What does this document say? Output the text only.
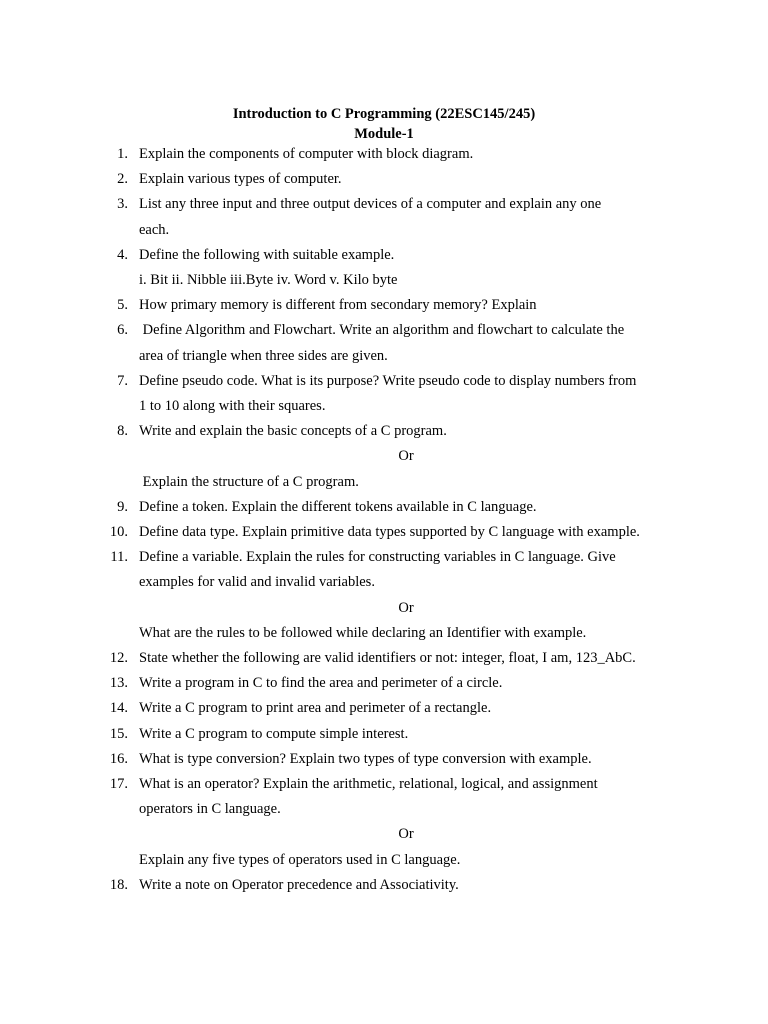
Introduction to C Programming (22ESC145/245)
Module-1
1. Explain the components of computer with block diagram.
2. Explain various types of computer.
3. List any three input and three output devices of a computer and explain any one
each.
4. Define the following with suitable example.
i. Bit ii. Nibble iii.Byte iv. Word v. Kilo byte
5. How primary memory is different from secondary memory? Explain
6. Define Algorithm and Flowchart. Write an algorithm and flowchart to calculate the
area of triangle when three sides are given.
7. Define pseudo code. What is its purpose? Write pseudo code to display numbers from
1 to 10 along with their squares.
8. Write and explain the basic concepts of a C program.
Or
Explain the structure of a C program.
9. Define a token. Explain the different tokens available in C language.
10. Define data type. Explain primitive data types supported by C language with example.
11. Define a variable. Explain the rules for constructing variables in C language. Give
examples for valid and invalid variables.
Or
What are the rules to be followed while declaring an Identifier with example.
12. State whether the following are valid identifiers or not: integer, float, I am, 123_AbC.
13. Write a program in C to find the area and perimeter of a circle.
14. Write a C program to print area and perimeter of a rectangle.
15. Write a C program to compute simple interest.
16. What is type conversion? Explain two types of type conversion with example.
17. What is an operator? Explain the arithmetic, relational, logical, and assignment
operators in C language.
Or
Explain any five types of operators used in C language.
18. Write a note on Operator precedence and Associativity.
